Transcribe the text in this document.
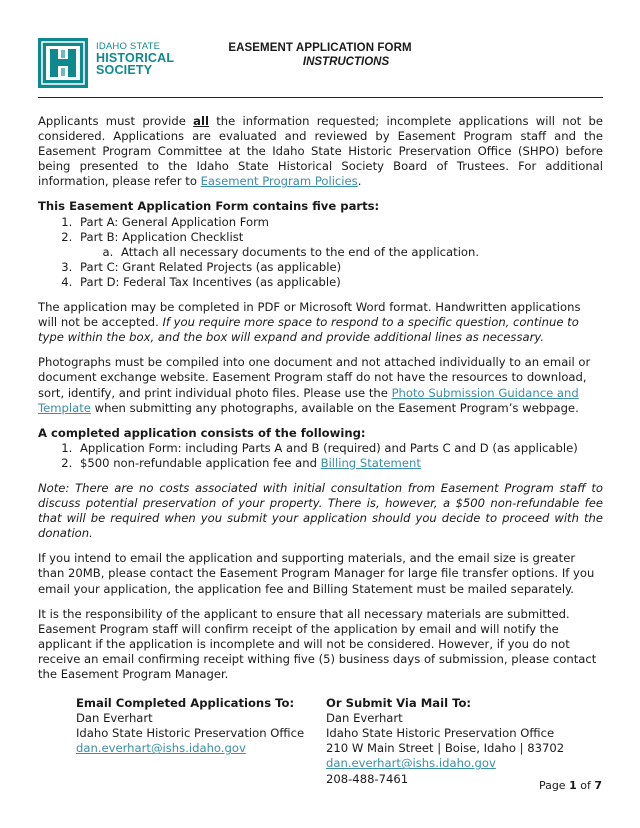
IDAHO STATE
HISTORICAL
SOCIETY
EASEMENT APPLICATION FORM
INSTRUCTIONS

Applicants must provide all the information requested; incomplete applications will not be considered. Applications are evaluated and reviewed by Easement Program staff and the Easement Program Committee at the Idaho State Historic Preservation Office (SHPO) before being presented to the Idaho State Historical Society Board of Trustees. For additional information, please refer to Easement Program Policies.

This Easement Application Form contains five parts:
1. Part A: General Application Form
2. Part B: Application Checklist
a. Attach all necessary documents to the end of the application.
3. Part C: Grant Related Projects (as applicable)
4. Part D: Federal Tax Incentives (as applicable)

The application may be completed in PDF or Microsoft Word format. Handwritten applications will not be accepted. If you require more space to respond to a specific question, continue to type within the box, and the box will expand and provide additional lines as necessary.

Photographs must be compiled into one document and not attached individually to an email or document exchange website. Easement Program staff do not have the resources to download, sort, identify, and print individual photo files. Please use the Photo Submission Guidance and Template when submitting any photographs, available on the Easement Program’s webpage.

A completed application consists of the following:
1. Application Form: including Parts A and B (required) and Parts C and D (as applicable)
2. $500 non-refundable application fee and Billing Statement

Note: There are no costs associated with initial consultation from Easement Program staff to discuss potential preservation of your property. There is, however, a $500 non-refundable fee that will be required when you submit your application should you decide to proceed with the donation.

If you intend to email the application and supporting materials, and the email size is greater than 20MB, please contact the Easement Program Manager for large file transfer options. If you email your application, the application fee and Billing Statement must be mailed separately.

It is the responsibility of the applicant to ensure that all necessary materials are submitted. Easement Program staff will confirm receipt of the application by email and will notify the applicant if the application is incomplete and will not be considered. However, if you do not receive an email confirming receipt withing five (5) business days of submission, please contact the Easement Program Manager.

Email Completed Applications To:
Dan Everhart
Idaho State Historic Preservation Office
dan.everhart@ishs.idaho.gov
Or Submit Via Mail To:
Dan Everhart
Idaho State Historic Preservation Office
210 W Main Street | Boise, Idaho | 83702
dan.everhart@ishs.idaho.gov
208-488-7461	Page 1 of 7
